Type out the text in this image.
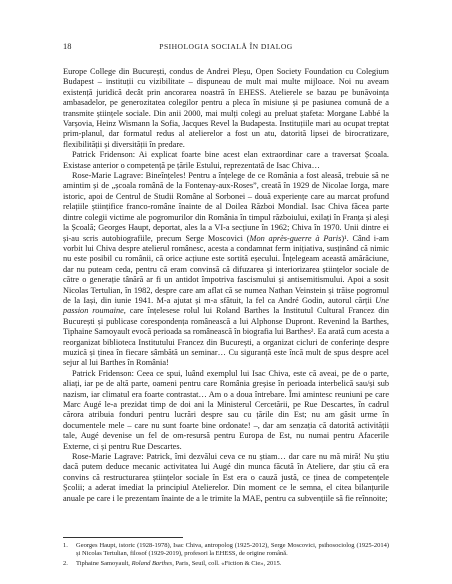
18	PSIHOLOGIA SOCIALĂ ÎN DIALOG

Europe College din București, condus de Andrei Pleșu, Open Society Foundation cu Colegium Budapest – instituții cu vizibilitate – dispuneau de mult mai multe mijloace. Noi nu aveam existență juridică decât prin ancorarea noastră în EHESS. Atelierele se bazau pe bunăvoința ambasadelor, pe generozitatea colegilor pentru a pleca în misiune și pe pasiunea comună de a transmite științele sociale. Din anii 2000, mai mulți colegi au preluat ștafeta: Morgane Labbé la Varșovia, Heinz Wismann la Sofia, Jacques Revel la Budapesta. Instituțiile mari au ocupat treptat prim-planul, dar formatul redus al atelierelor a fost un atu, datorită lipsei de birocratizare, flexibilității și diversității în predare.

Patrick Fridenson: Ai explicat foarte bine acest elan extraordinar care a traversat Școala. Existase anterior o competență pe țările Estului, reprezentată de Isac Chiva…

Rose-Marie Lagrave: Bineînțeles! Pentru a înțelege de ce România a fost aleasă, trebuie să ne amintim și de „școala română de la Fontenay-aux-Roses”, creată în 1929 de Nicolae Iorga, mare istoric, apoi de Centrul de Studii Române al Sorbonei – două experiențe care au marcat profund relațiile științifice franco-române înainte de al Doilea Război Mondial. Isac Chiva făcea parte dintre colegii victime ale pogromurilor din România în timpul războiului, exilați în Franța și aleși la Școală; Georges Haupt, deportat, ales la a VI-a secțiune în 1962; Chiva în 1970. Unii dintre ei și-au scris autobiografiile, precum Serge Moscovici (Mon après-guerre à Paris)¹. Când i-am vorbit lui Chiva despre atelierul românesc, acesta a condamnat ferm inițiativa, susținând că nimic nu este posibil cu românii, că orice acțiune este sortită eșecului. Înțelegeam această amărăciune, dar nu puteam ceda, pentru că eram convinsă că difuzarea și interiorizarea științelor sociale de către o generație tânără ar fi un antidot împotriva fascismului și antisemitismului. Apoi a sosit Nicolas Tertulian, în 1982, despre care am aflat că se numea Nathan Veinstein și trăise pogromul de la Iași, din iunie 1941. M-a ajutat și m-a sfătuit, la fel ca André Godin, autorul cărții Une passion roumaine, care înțelesese rolul lui Roland Barthes la Institutul Cultural Francez din București și publicase corespondența românească a lui Alphonse Dupront. Revenind la Barthes, Tiphaine Samoyault evocă perioada sa românească în biografia lui Barthes². Ea arată cum acesta a reorganizat biblioteca Institutului Francez din București, a organizat cicluri de conferințe despre muzică și ținea în fiecare sâmbătă un seminar… Cu siguranță este încă mult de spus despre acel sejur al lui Barthes în România!

Patrick Fridenson: Ceea ce spui, luând exemplul lui Isac Chiva, este că aveai, pe de o parte, aliați, iar pe de altă parte, oameni pentru care România greșise în perioada interbelică sau/și sub nazism, iar climatul era foarte contrastat… Am o a doua întrebare. Îmi amintesc reuniuni pe care Marc Augé le-a prezidat timp de doi ani la Ministerul Cercetării, pe Rue Descartes, în cadrul cărora atribuia fonduri pentru lucrări despre sau cu țările din Est; nu am găsit urme în documentele mele – care nu sunt foarte bine ordonate! –, dar am senzația că datorită activității tale, Augé devenise un fel de om-resursă pentru Europa de Est, nu numai pentru Afacerile Externe, ci și pentru Rue Descartes.

Rose-Marie Lagrave: Patrick, îmi dezvălui ceva ce nu știam… dar care nu mă miră! Nu știu dacă putem deduce mecanic activitatea lui Augé din munca făcută în Ateliere, dar știu că era convins că restructurarea științelor sociale în Est era o cauză justă, ce ținea de competențele Școlii; a aderat imediat la principiul Atelierelor. Din moment ce le semna, el citea bilanțurile anuale pe care i le prezentam înainte de a le trimite la MAE, pentru ca subvențiile să fie reînnoite;

1.	Georges Haupt, istoric (1928-1978), Isac Chiva, antropolog (1925-2012), Serge Moscovici, psihosociolog (1925-2014) și Nicolas Tertulian, filosof (1929-2019), profesori la EHESS, de origine română.
2.	Tiphaine Samoyault, Roland Barthes, Paris, Seuil, coll. «Fiction & Cie», 2015.
